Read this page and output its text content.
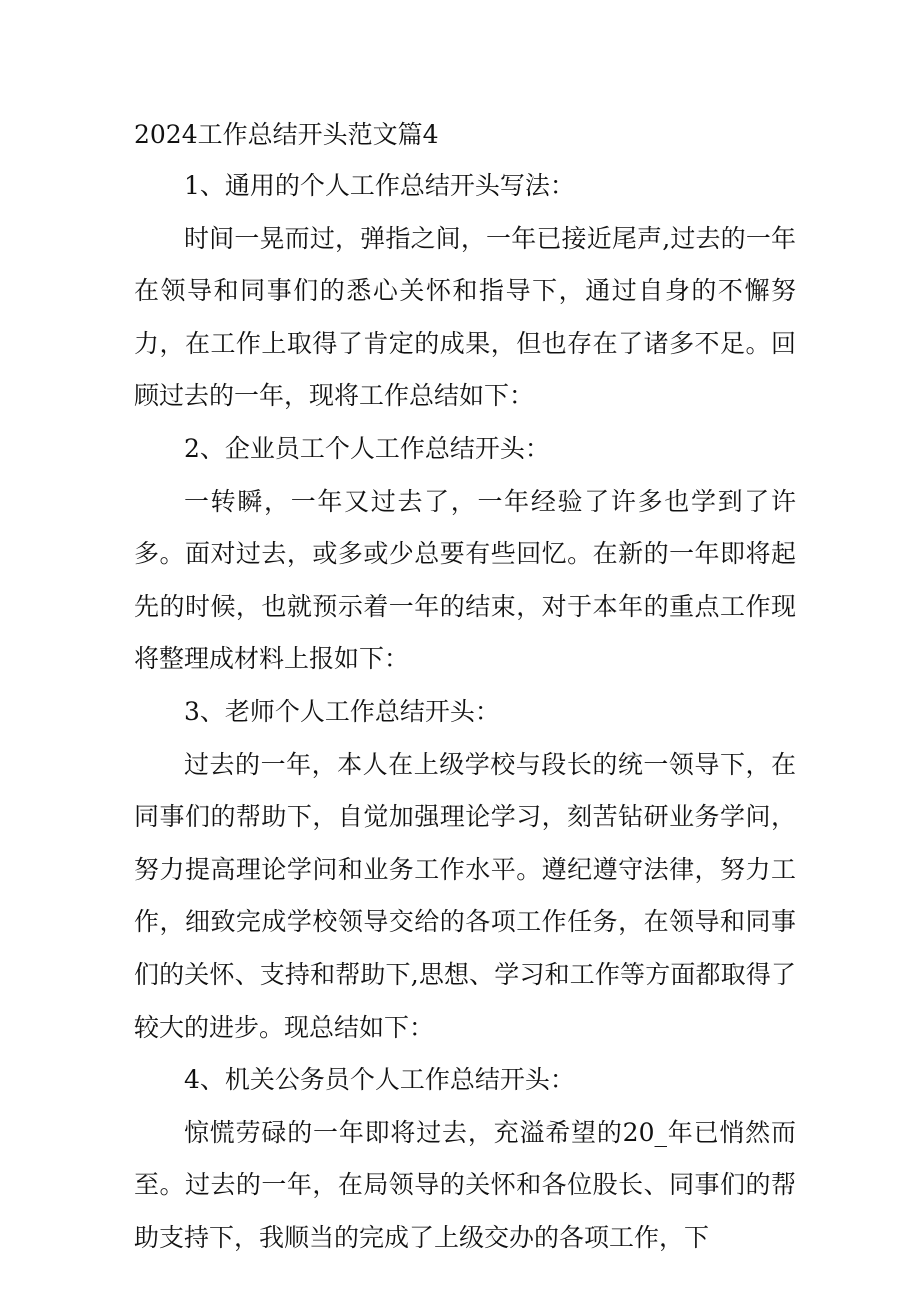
2024工作总结开头范文篇4

1、通用的个人工作总结开头写法：

时间一晃而过，弹指之间，一年已接近尾声,过去的一年在领导和同事们的悉心关怀和指导下，通过自身的不懈努力，在工作上取得了肯定的成果，但也存在了诸多不足。回顾过去的一年，现将工作总结如下：

2、企业员工个人工作总结开头：

一转瞬，一年又过去了，一年经验了许多也学到了许多。面对过去，或多或少总要有些回忆。在新的一年即将起先的时候，也就预示着一年的结束，对于本年的重点工作现将整理成材料上报如下：

3、老师个人工作总结开头：

过去的一年，本人在上级学校与段长的统一领导下，在同事们的帮助下，自觉加强理论学习，刻苦钻研业务学问，努力提高理论学问和业务工作水平。遵纪遵守法律，努力工作，细致完成学校领导交给的各项工作任务，在领导和同事们的关怀、支持和帮助下,思想、学习和工作等方面都取得了较大的进步。现总结如下：

4、机关公务员个人工作总结开头：

惊慌劳碌的一年即将过去，充溢希望的20_年已悄然而至。过去的一年，在局领导的关怀和各位股长、同事们的帮助支持下，我顺当的完成了上级交办的各项工作，下
